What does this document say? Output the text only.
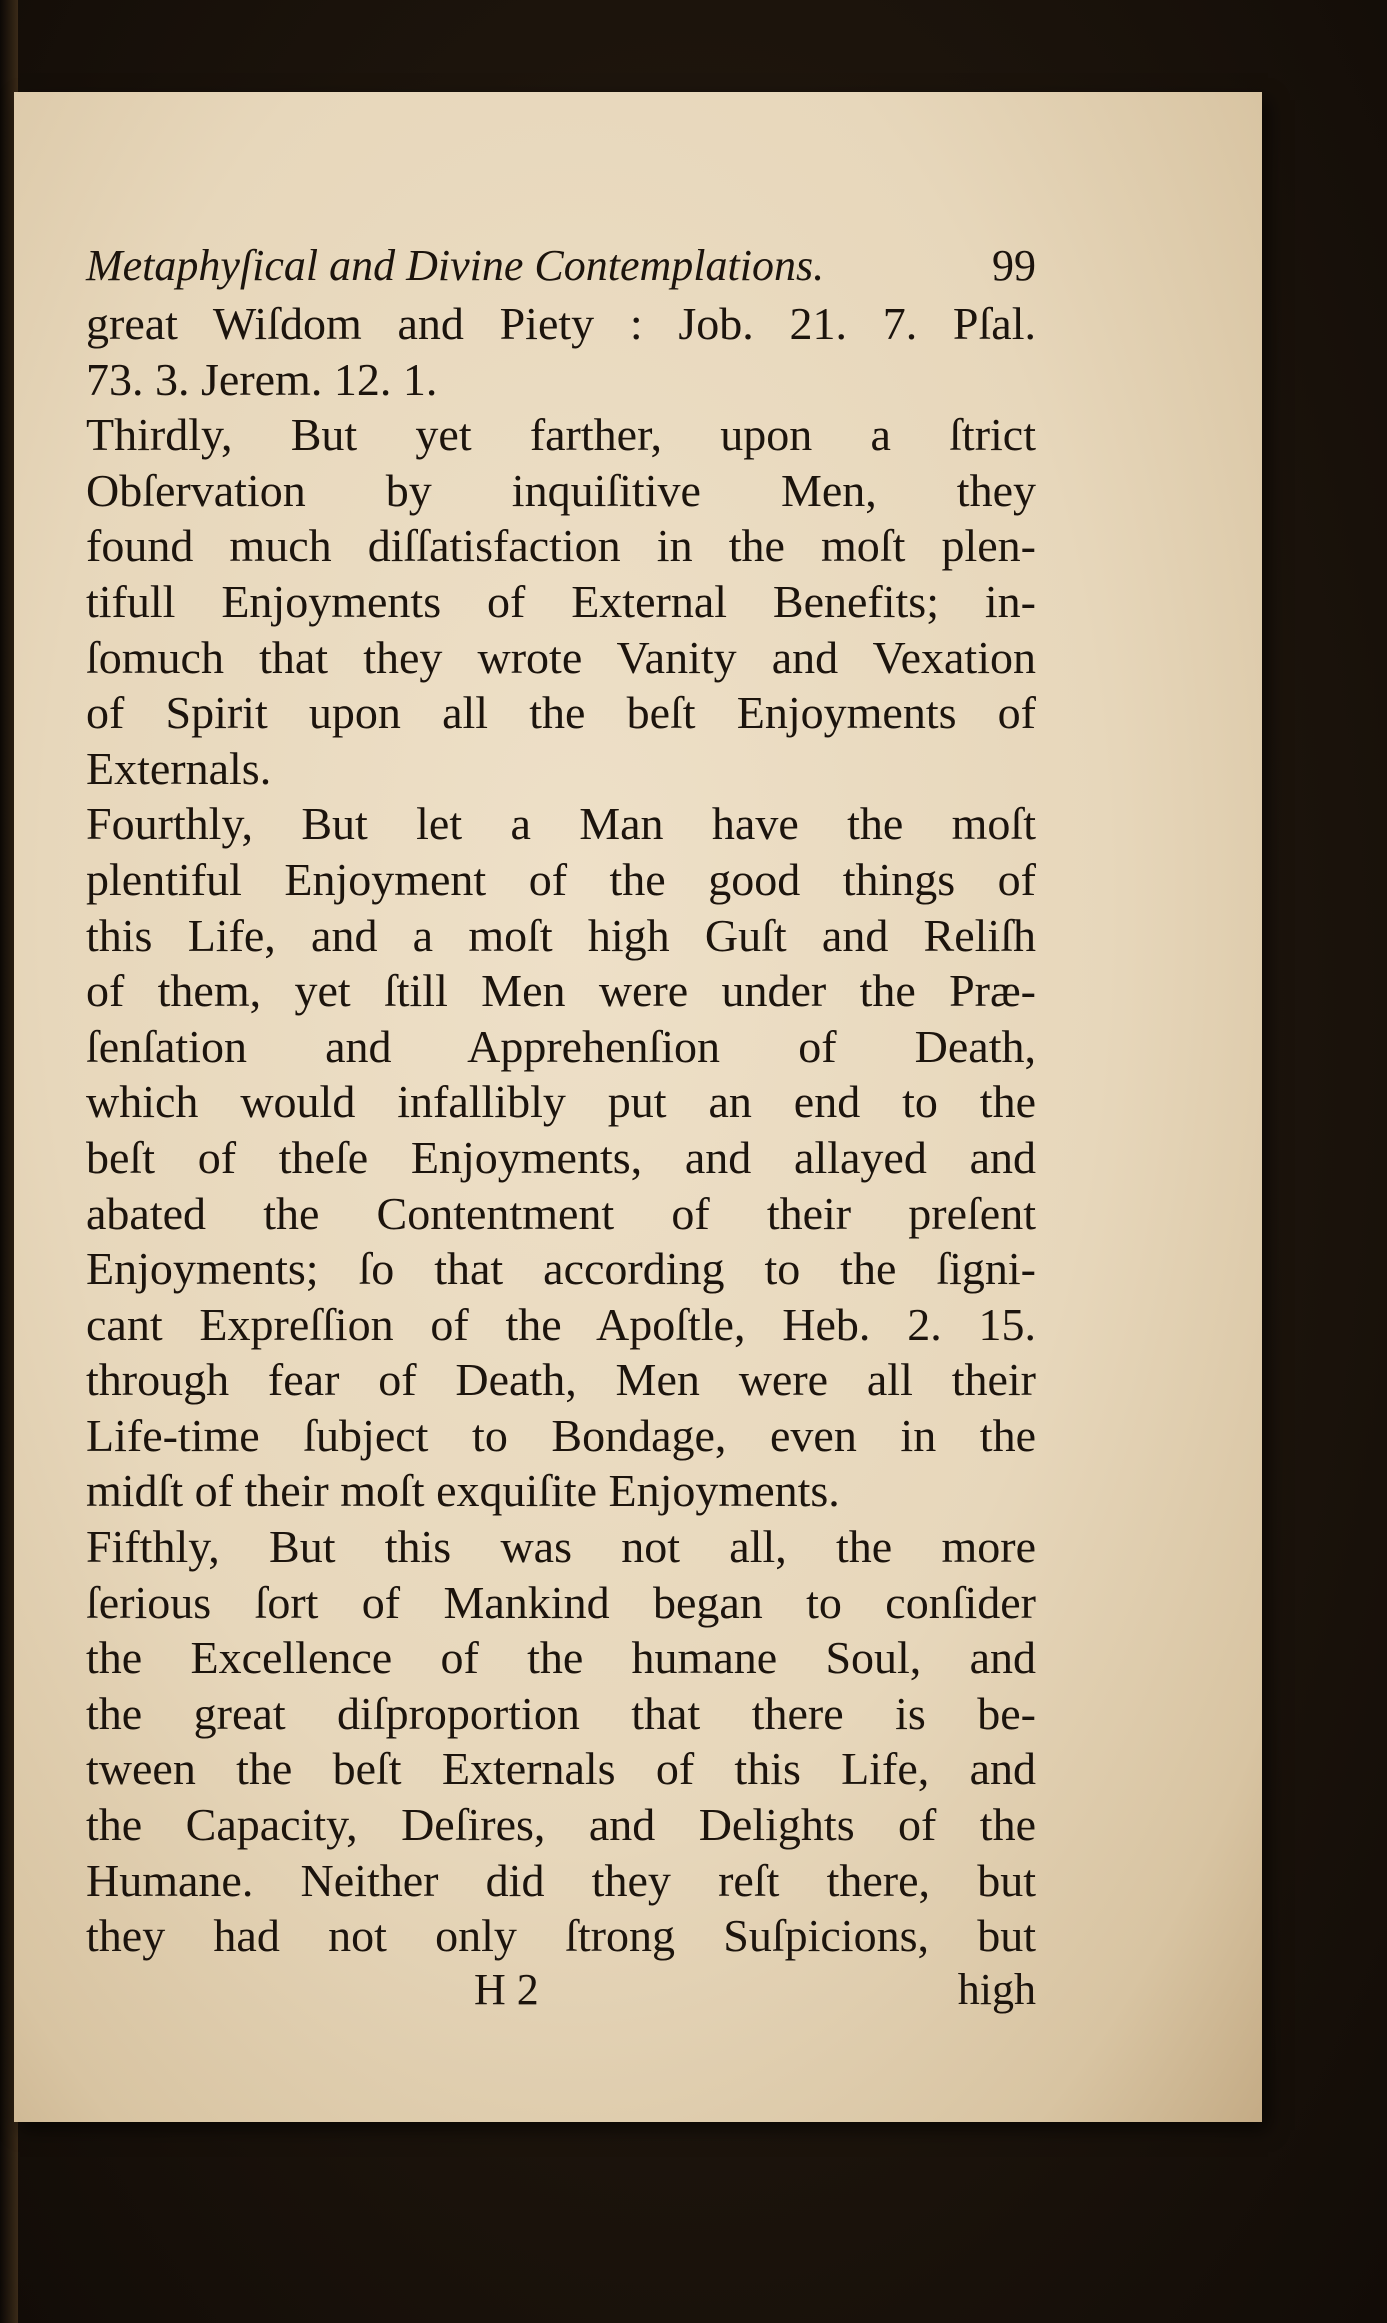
Metaphyſical and Divine Contemplations.	99
great Wiſdom and Piety : Job. 21. 7. Pſal.
73. 3. Jerem. 12. 1.
Thirdly, But yet farther, upon a ſtrict
Obſervation by inquiſitive Men, they
found much diſſatisfaction in the moſt plen-
tifull Enjoyments of External Benefits; in-
ſomuch that they wrote Vanity and Vexation
of Spirit upon all the beſt Enjoyments of
Externals.
Fourthly, But let a Man have the moſt
plentiful Enjoyment of the good things of
this Life, and a moſt high Guſt and Reliſh
of them, yet ſtill Men were under the Præ-
ſenſation and Apprehenſion of Death,
which would infallibly put an end to the
beſt of theſe Enjoyments, and allayed and
abated the Contentment of their preſent
Enjoyments; ſo that according to the ſigni-
cant Expreſſion of the Apoſtle, Heb. 2. 15.
through fear of Death, Men were all their
Life-time ſubject to Bondage, even in the
midſt of their moſt exquiſite Enjoyments.
Fifthly, But this was not all, the more
ſerious ſort of Mankind began to conſider
the Excellence of the humane Soul, and
the great diſproportion that there is be-
tween the beſt Externals of this Life, and
the Capacity, Deſires, and Delights of the
Humane. Neither did they reſt there, but
they had not only ſtrong Suſpicions, but
H 2	high
